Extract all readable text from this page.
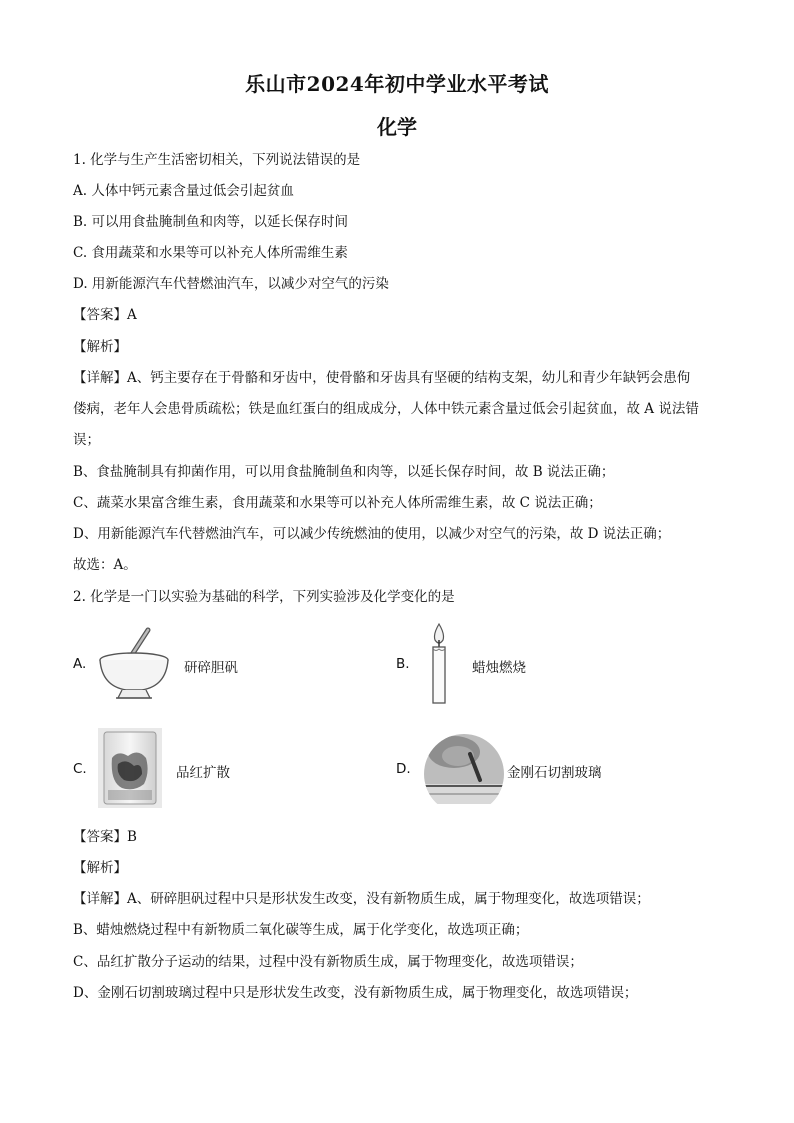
乐山市2024年初中学业水平考试
化学
1. 化学与生产生活密切相关，下列说法错误的是
A. 人体中钙元素含量过低会引起贫血
B. 可以用食盐腌制鱼和肉等，以延长保存时间
C. 食用蔬菜和水果等可以补充人体所需维生素
D. 用新能源汽车代替燃油汽车，以减少对空气的污染
【答案】A
【解析】
【详解】A、钙主要存在于骨骼和牙齿中，使骨骼和牙齿具有坚硬的结构支架，幼儿和青少年缺钙会患佝
偻病，老年人会患骨质疏松；铁是血红蛋白的组成成分，人体中铁元素含量过低会引起贫血，故 A 说法错
误；
B、食盐腌制具有抑菌作用，可以用食盐腌制鱼和肉等，以延长保存时间，故 B 说法正确；
C、蔬菜水果富含维生素，食用蔬菜和水果等可以补充人体所需维生素，故 C 说法正确；
D、用新能源汽车代替燃油汽车，可以减少传统燃油的使用，以减少对空气的污染，故 D 说法正确；
故选：A。
2. 化学是一门以实验为基础的科学，下列实验涉及化学变化的是
A.	研碎胆矾	B.	蜡烛燃烧
C.	品红扩散	D.	金刚石切割玻璃
【答案】B
【解析】
【详解】A、研碎胆矾过程中只是形状发生改变，没有新物质生成，属于物理变化，故选项错误；
B、蜡烛燃烧过程中有新物质二氧化碳等生成，属于化学变化，故选项正确；
C、品红扩散分子运动的结果，过程中没有新物质生成，属于物理变化，故选项错误；
D、金刚石切割玻璃过程中只是形状发生改变，没有新物质生成，属于物理变化，故选项错误；
